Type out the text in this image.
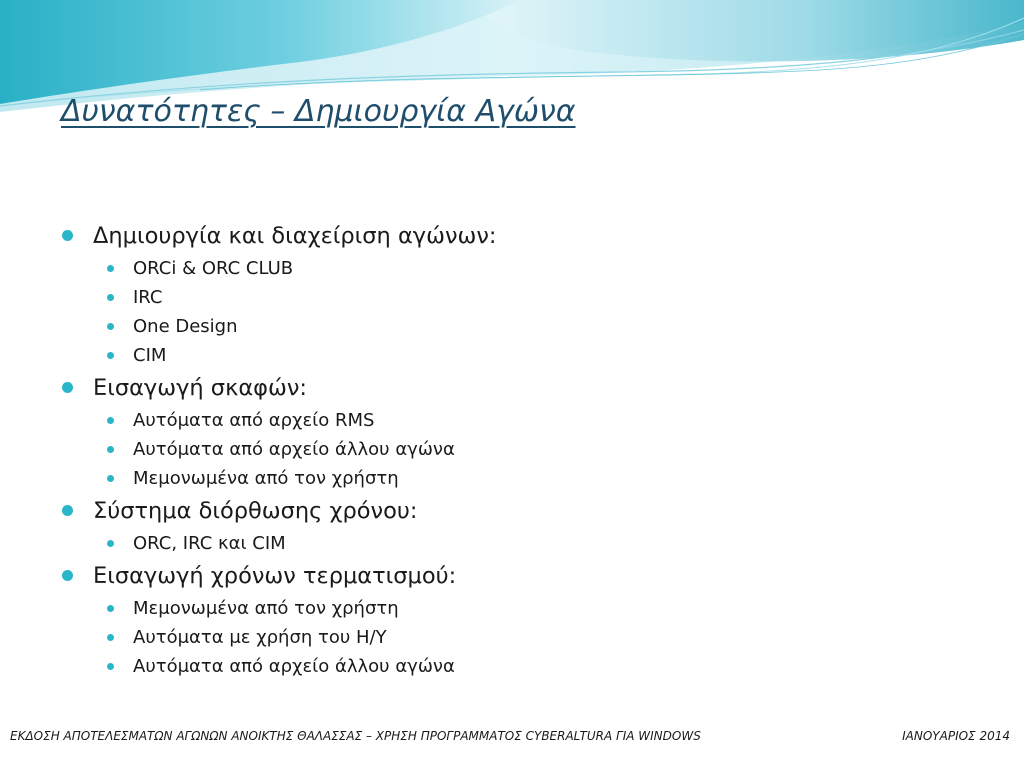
Δυνατότητες – Δημιουργία Αγώνα
Δημιουργία και διαχείριση αγώνων:
ORCi & ORC CLUB
IRC
One Design
CIM
Εισαγωγή σκαφών:
Αυτόματα από αρχείο RMS
Αυτόματα από αρχείο άλλου αγώνα
Μεμονωμένα από τον χρήστη
Σύστημα διόρθωσης χρόνου:
ORC, IRC και CIM
Εισαγωγή χρόνων τερματισμού:
Μεμονωμένα από τον χρήστη
Αυτόματα με χρήση του Η/Υ
Αυτόματα από αρχείο άλλου αγώνα
ΕΚΔΟΣΗ ΑΠΟΤΕΛΕΣΜΑΤΩΝ ΑΓΩΝΩΝ ΑΝΟΙΚΤΗΣ ΘΑΛΑΣΣΑΣ – ΧΡΗΣΗ ΠΡΟΓΡΑΜΜΑΤΟΣ CYBERALTURA ΓΙΑ WINDOWS	ΙΑΝΟΥΑΡΙΟΣ 2014
